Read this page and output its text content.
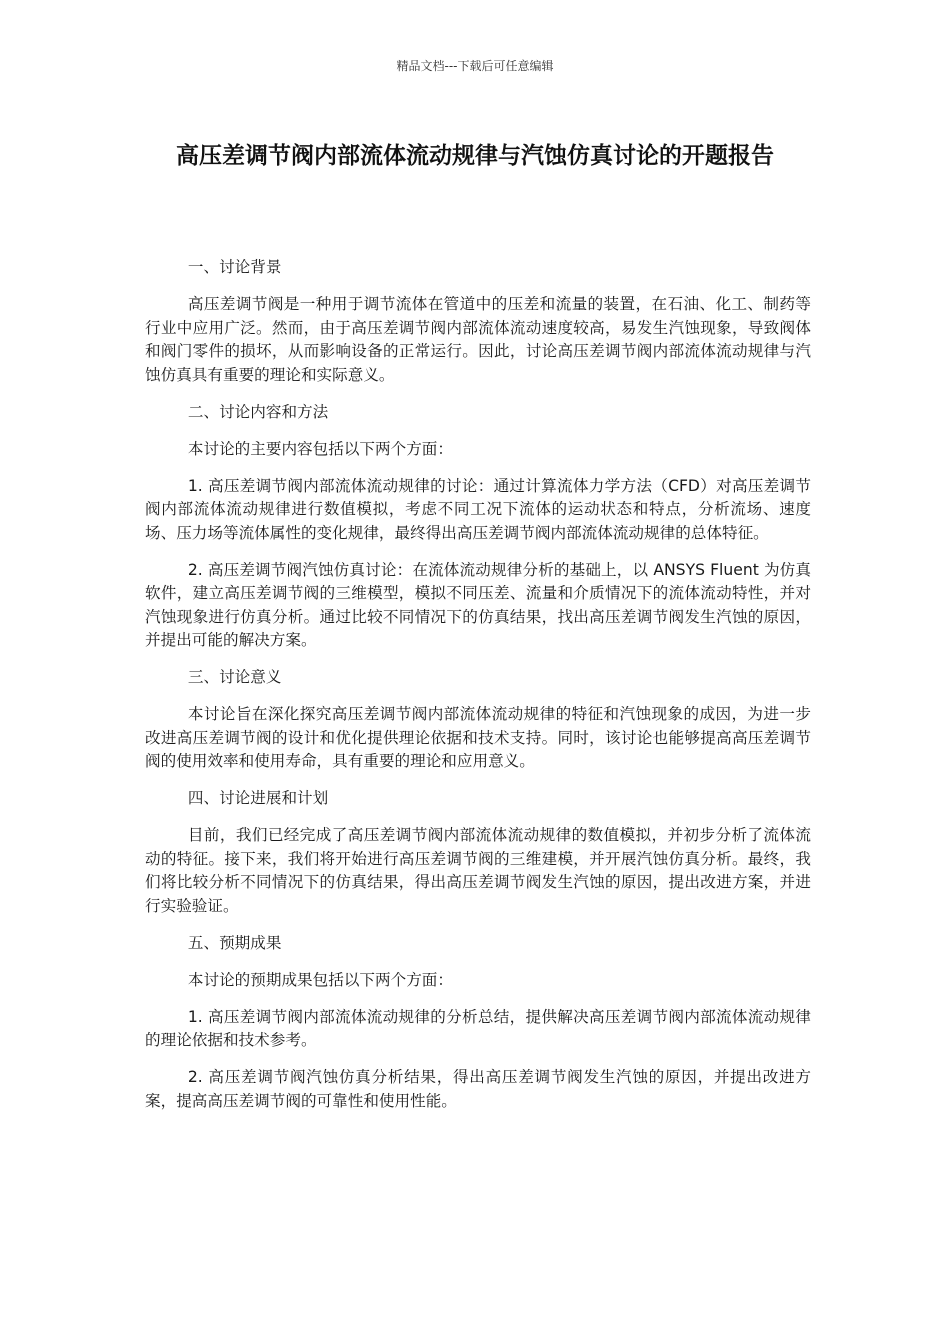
精品文档---下载后可任意编辑
高压差调节阀内部流体流动规律与汽蚀仿真讨论的开题报告

一、讨论背景

高压差调节阀是一种用于调节流体在管道中的压差和流量的装置，在石油、化工、制药等行业中应用广泛。然而，由于高压差调节阀内部流体流动速度较高，易发生汽蚀现象，导致阀体和阀门零件的损坏，从而影响设备的正常运行。因此，讨论高压差调节阀内部流体流动规律与汽蚀仿真具有重要的理论和实际意义。

二、讨论内容和方法

本讨论的主要内容包括以下两个方面：

1. 高压差调节阀内部流体流动规律的讨论：通过计算流体力学方法（CFD）对高压差调节阀内部流体流动规律进行数值模拟，考虑不同工况下流体的运动状态和特点，分析流场、速度场、压力场等流体属性的变化规律，最终得出高压差调节阀内部流体流动规律的总体特征。

2. 高压差调节阀汽蚀仿真讨论：在流体流动规律分析的基础上，以 ANSYS Fluent 为仿真软件，建立高压差调节阀的三维模型，模拟不同压差、流量和介质情况下的流体流动特性，并对汽蚀现象进行仿真分析。通过比较不同情况下的仿真结果，找出高压差调节阀发生汽蚀的原因，并提出可能的解决方案。

三、讨论意义

本讨论旨在深化探究高压差调节阀内部流体流动规律的特征和汽蚀现象的成因，为进一步改进高压差调节阀的设计和优化提供理论依据和技术支持。同时，该讨论也能够提高高压差调节阀的使用效率和使用寿命，具有重要的理论和应用意义。

四、讨论进展和计划

目前，我们已经完成了高压差调节阀内部流体流动规律的数值模拟，并初步分析了流体流动的特征。接下来，我们将开始进行高压差调节阀的三维建模，并开展汽蚀仿真分析。最终，我们将比较分析不同情况下的仿真结果，得出高压差调节阀发生汽蚀的原因，提出改进方案，并进行实验验证。

五、预期成果

本讨论的预期成果包括以下两个方面：

1. 高压差调节阀内部流体流动规律的分析总结，提供解决高压差调节阀内部流体流动规律的理论依据和技术参考。

2. 高压差调节阀汽蚀仿真分析结果，得出高压差调节阀发生汽蚀的原因，并提出改进方案，提高高压差调节阀的可靠性和使用性能。
